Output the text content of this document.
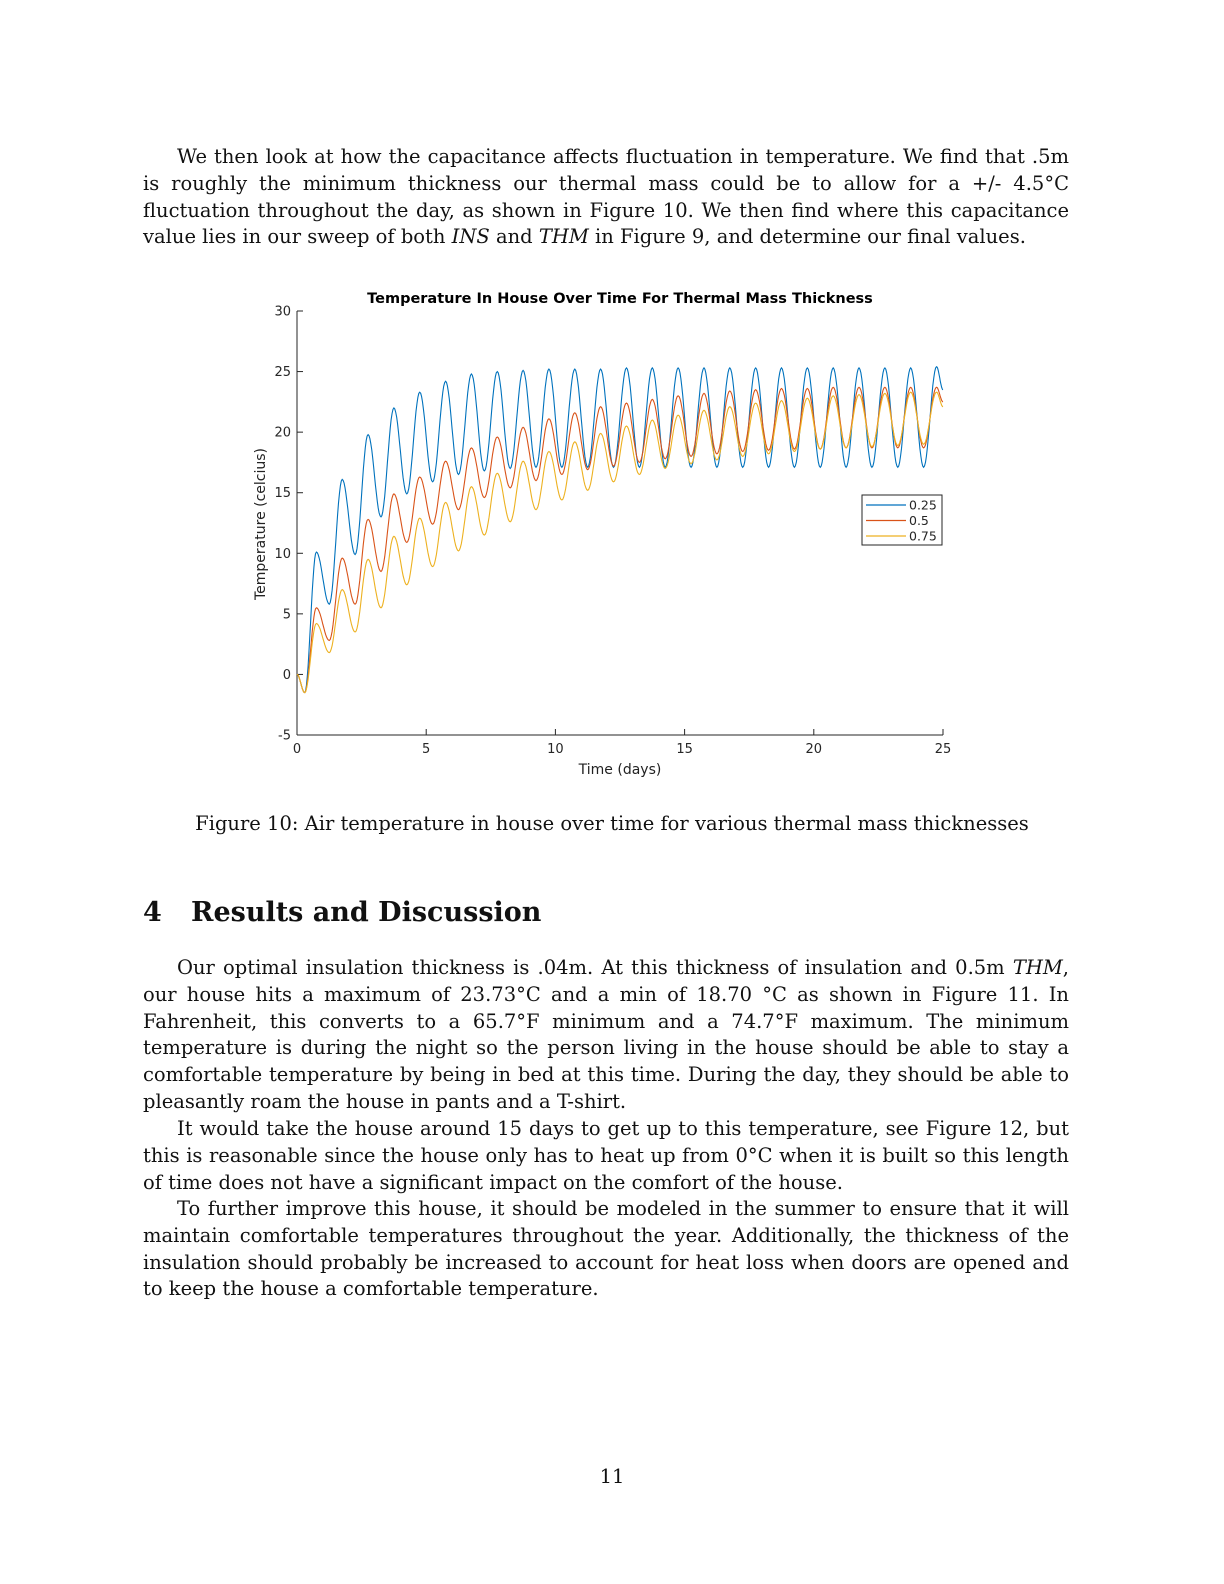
We then look at how the capacitance affects fluctuation in temperature. We find that .5m is roughly the minimum thickness our thermal mass could be to allow for a +/- 4.5°C fluctuation throughout the day, as shown in Figure 10. We then find where this capacitance value lies in our sweep of both INS and THM in Figure 9, and determine our final values.

Temperature In House Over Time For Thermal Mass Thickness
0	5	10	15	20	25
-5
0
5
10
15
20
25
30
0.25
0.5
0.75
Time (days)
Temperature (celcius)
Figure 10: Air temperature in house over time for various thermal mass thicknesses
4 Results and Discussion

Our optimal insulation thickness is .04m. At this thickness of insulation and 0.5m THM, our house hits a maximum of 23.73°C and a min of 18.70 °C as shown in Figure 11. In Fahrenheit, this converts to a 65.7°F minimum and a 74.7°F maximum. The minimum temperature is during the night so the person living in the house should be able to stay a comfortable temperature by being in bed at this time. During the day, they should be able to pleasantly roam the house in pants and a T-shirt.

It would take the house around 15 days to get up to this temperature, see Figure 12, but this is reasonable since the house only has to heat up from 0°C when it is built so this length of time does not have a significant impact on the comfort of the house.

To further improve this house, it should be modeled in the summer to ensure that it will maintain comfortable temperatures throughout the year. Additionally, the thickness of the insulation should probably be increased to account for heat loss when doors are opened and to keep the house a comfortable temperature.

11
